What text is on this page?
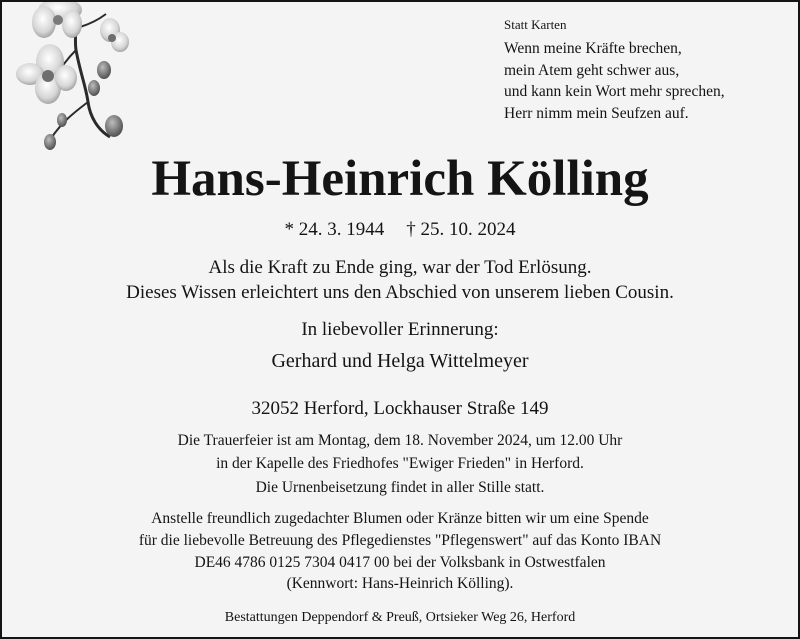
Statt Karten

Wenn meine Kräfte brechen,

mein Atem geht schwer aus,

und kann kein Wort mehr sprechen,

Herr nimm mein Seufzen auf.

Hans-Heinrich Kölling
* 24. 3. 1944 † 25. 10. 2024

Als die Kraft zu Ende ging, war der Tod Erlösung.

Dieses Wissen erleichtert uns den Abschied von unserem lieben Cousin.

In liebevoller Erinnerung:

Gerhard und Helga Wittelmeyer

32052 Herford, Lockhauser Straße 149

Die Trauerfeier ist am Montag, dem 18. November 2024, um 12.00 Uhr

in der Kapelle des Friedhofes "Ewiger Frieden" in Herford.

Die Urnenbeisetzung findet in aller Stille statt.

Anstelle freundlich zugedachter Blumen oder Kränze bitten wir um eine Spende

für die liebevolle Betreuung des Pflegedienstes "Pflegenswert" auf das Konto IBAN

DE46 4786 0125 7304 0417 00 bei der Volksbank in Ostwestfalen

(Kennwort: Hans-Heinrich Kölling).

Bestattungen Deppendorf & Preuß, Ortsieker Weg 26, Herford
